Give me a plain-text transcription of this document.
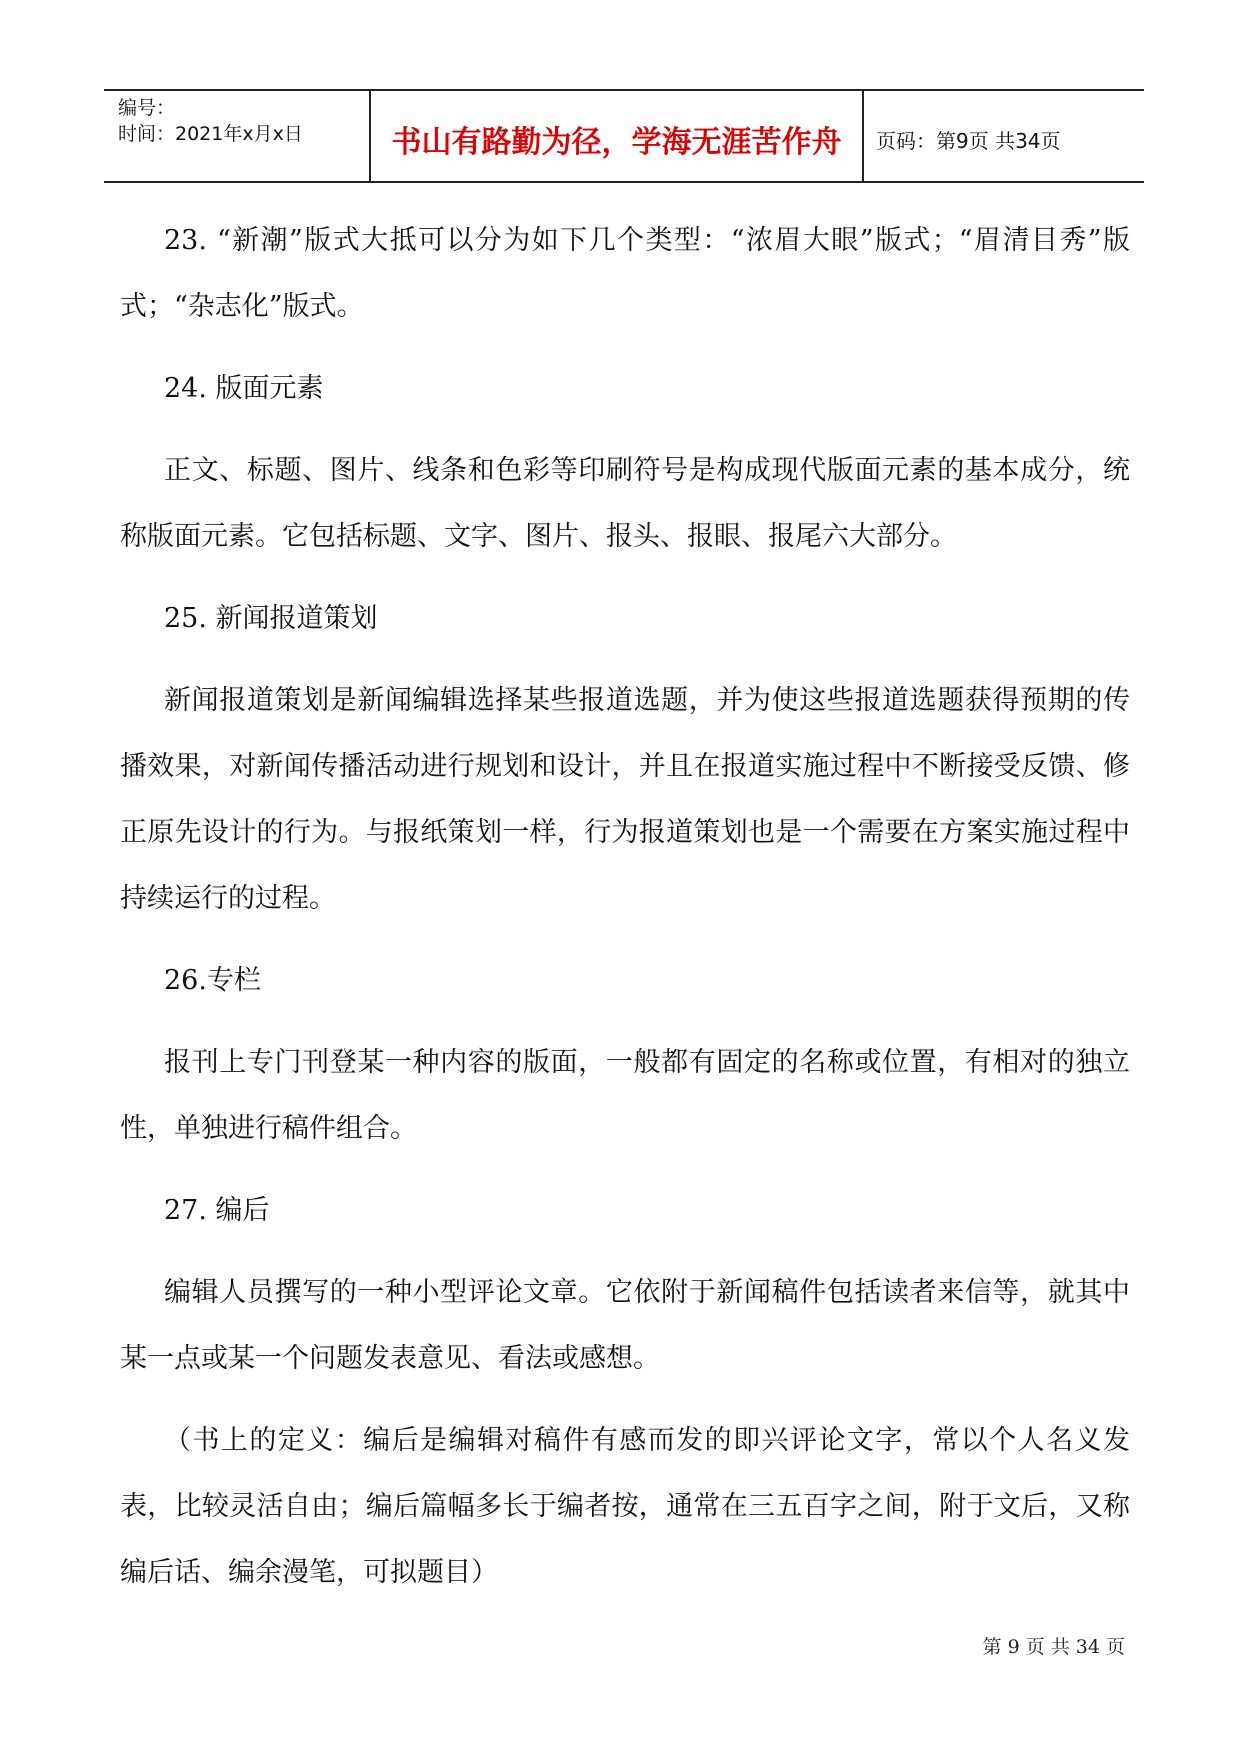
编号：
时间：2021年x月x日	书山有路勤为径，学海无涯苦作舟	页码：第9页 共34页

23. “新潮”版式大抵可以分为如下几个类型：“浓眉大眼”版式；“眉清目秀”版式；“杂志化”版式。

24. 版面元素

正文、标题、图片、线条和色彩等印刷符号是构成现代版面元素的基本成分，统称版面元素。它包括标题、文字、图片、报头、报眼、报尾六大部分。

25. 新闻报道策划

新闻报道策划是新闻编辑选择某些报道选题，并为使这些报道选题获得预期的传播效果，对新闻传播活动进行规划和设计，并且在报道实施过程中不断接受反馈、修正原先设计的行为。与报纸策划一样，行为报道策划也是一个需要在方案实施过程中持续运行的过程。

26.专栏

报刊上专门刊登某一种内容的版面，一般都有固定的名称或位置，有相对的独立性，单独进行稿件组合。

27. 编后

编辑人员撰写的一种小型评论文章。它依附于新闻稿件包括读者来信等，就其中 某一点或某一个问题发表意见、看法或感想。

（书上的定义：编后是编辑对稿件有感而发的即兴评论文字，常以个人名义发表，比较灵活自由；编后篇幅多长于编者按，通常在三五百字之间，附于文后，又称编后话、编余漫笔，可拟题目）

第 9 页 共 34 页
